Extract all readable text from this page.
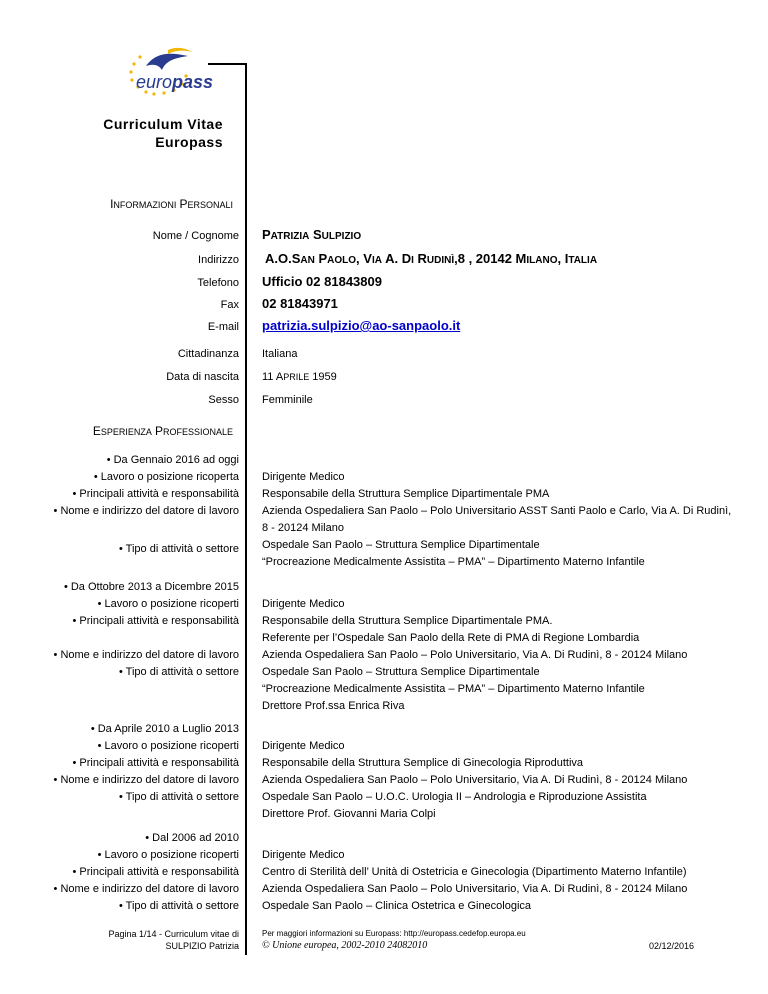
europass
Curriculum Vitae
Europass
INFORMAZIONI PERSONALI
Nome / Cognome PATRIZIA SULPIZIO
Indirizzo A.O.SAN PAOLO, VIA A. DI RUDINÌ,8 , 20142 MILANO, ITALIA
Telefono Ufficio 02 81843809
Fax 02 81843971
E-mail patrizia.sulpizio@ao-sanpaolo.it
Cittadinanza Italiana
Data di nascita 11 APRILE 1959
Sesso Femminile
ESPERIENZA PROFESSIONALE
• Da Gennaio 2016 ad oggi
• Lavoro o posizione ricoperta
• Principali attività e responsabilità
• Nome e indirizzo del datore di lavoro
• Tipo di attività o settore
Dirigente Medico
Responsabile della Struttura Semplice Dipartimentale PMA
Azienda Ospedaliera San Paolo – Polo Universitario ASST Santi Paolo e Carlo, Via A. Di Rudinì, 8 - 20124 Milano
Ospedale San Paolo – Struttura Semplice Dipartimentale
“Procreazione Medicalmente Assistita – PMA” – Dipartimento Materno Infantile
• Da Ottobre 2013 a Dicembre 2015
• Lavoro o posizione ricoperti
• Principali attività e responsabilità
• Nome e indirizzo del datore di lavoro
• Tipo di attività o settore
Dirigente Medico
Responsabile della Struttura Semplice Dipartimentale PMA.
Referente per l’Ospedale San Paolo della Rete di PMA di Regione Lombardia
Azienda Ospedaliera San Paolo – Polo Universitario, Via A. Di Rudinì, 8 - 20124 Milano
Ospedale San Paolo – Struttura Semplice Dipartimentale
“Procreazione Medicalmente Assistita – PMA” – Dipartimento Materno Infantile
Drettore Prof.ssa Enrica Riva
• Da Aprile 2010 a Luglio 2013
• Lavoro o posizione ricoperti
• Principali attività e responsabilità
• Nome e indirizzo del datore di lavoro
• Tipo di attività o settore
Dirigente Medico
Responsabile della Struttura Semplice di Ginecologia Riproduttiva
Azienda Ospedaliera San Paolo – Polo Universitario, Via A. Di Rudinì, 8 - 20124 Milano
Ospedale San Paolo – U.O.C. Urologia II – Andrologia e Riproduzione Assistita
Direttore Prof. Giovanni Maria Colpi
• Dal 2006 ad 2010
• Lavoro o posizione ricoperti
• Principali attività e responsabilità
• Nome e indirizzo del datore di lavoro
• Tipo di attività o settore
Dirigente Medico
Centro di Sterilità dell’ Unità di Ostetricia e Ginecologia (Dipartimento Materno Infantile)
Azienda Ospedaliera San Paolo – Polo Universitario, Via A. Di Rudinì, 8 - 20124 Milano
Ospedale San Paolo – Clinica Ostetrica e Ginecologica
Pagina 1/14 - Curriculum vitae di
SULPIZIO Patrizia
Per maggiori informazioni su Europass: http://europass.cedefop.europa.eu
© Unione europea, 2002-2010 24082010	02/12/2016
